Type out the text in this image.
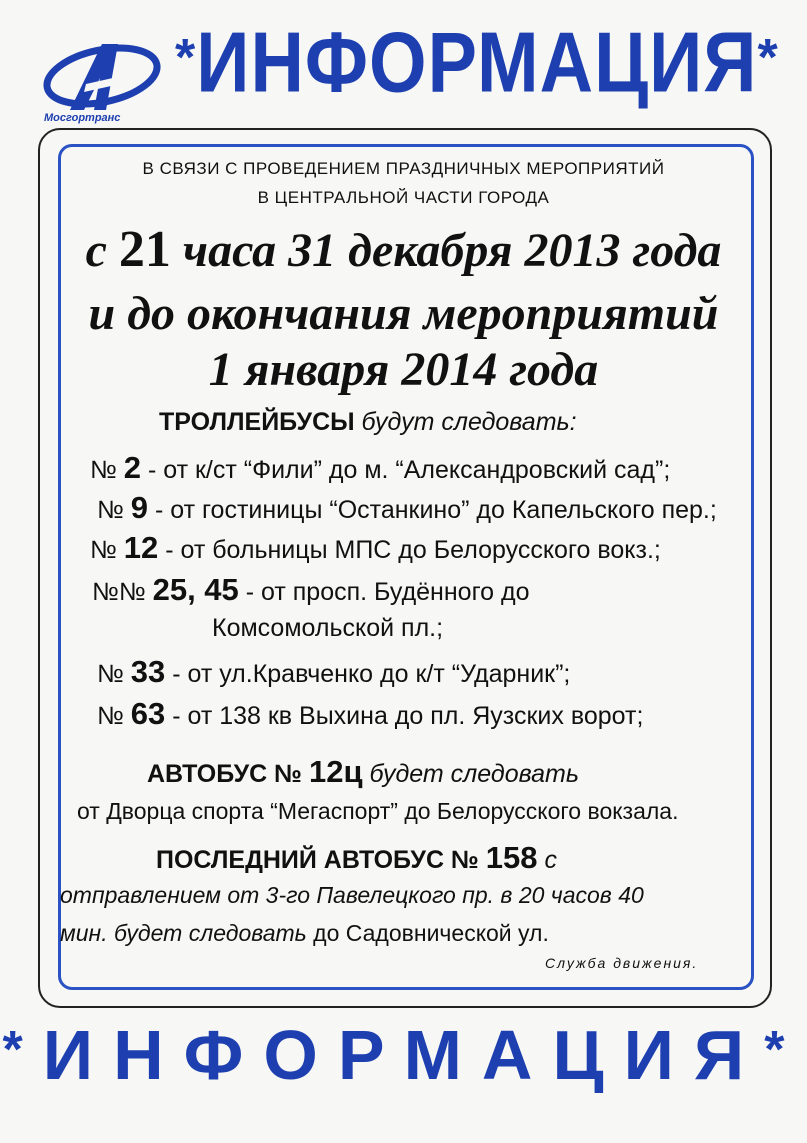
Мосгортранс
*ИНФОРМАЦИЯ*
В СВЯЗИ С ПРОВЕДЕНИЕМ ПРАЗДНИЧНЫХ МЕРОПРИЯТИЙ
В ЦЕНТРАЛЬНОЙ ЧАСТИ ГОРОДА
с 21 часа 31 декабря 2013 года
и до окончания мероприятий
1 января 2014 года
ТРОЛЛЕЙБУСЫ будут следовать:
№ 2 - от к/ст “Фили” до м. “Александровский сад”;
№ 9 - от гостиницы “Останкино” до Капельского пер.;
№ 12 - от больницы МПС до Белорусского вокз.;
№№ 25, 45 - от просп. Будённого до
Комсомольской пл.;
№ 33 - от ул.Кравченко до к/т “Ударник”;
№ 63 - от 138 кв Выхина до пл. Яузских ворот;
АВТОБУС № 12ц будет следовать
от Дворца спорта “Мегаспорт” до Белорусского вокзала.
ПОСЛЕДНИЙ АВТОБУС № 158 с
отправлением от 3-го Павелецкого пр. в 20 часов 40
мин. будет следовать до Садовнической ул.
Служба движения.
*ИНФОРМАЦИЯ*
